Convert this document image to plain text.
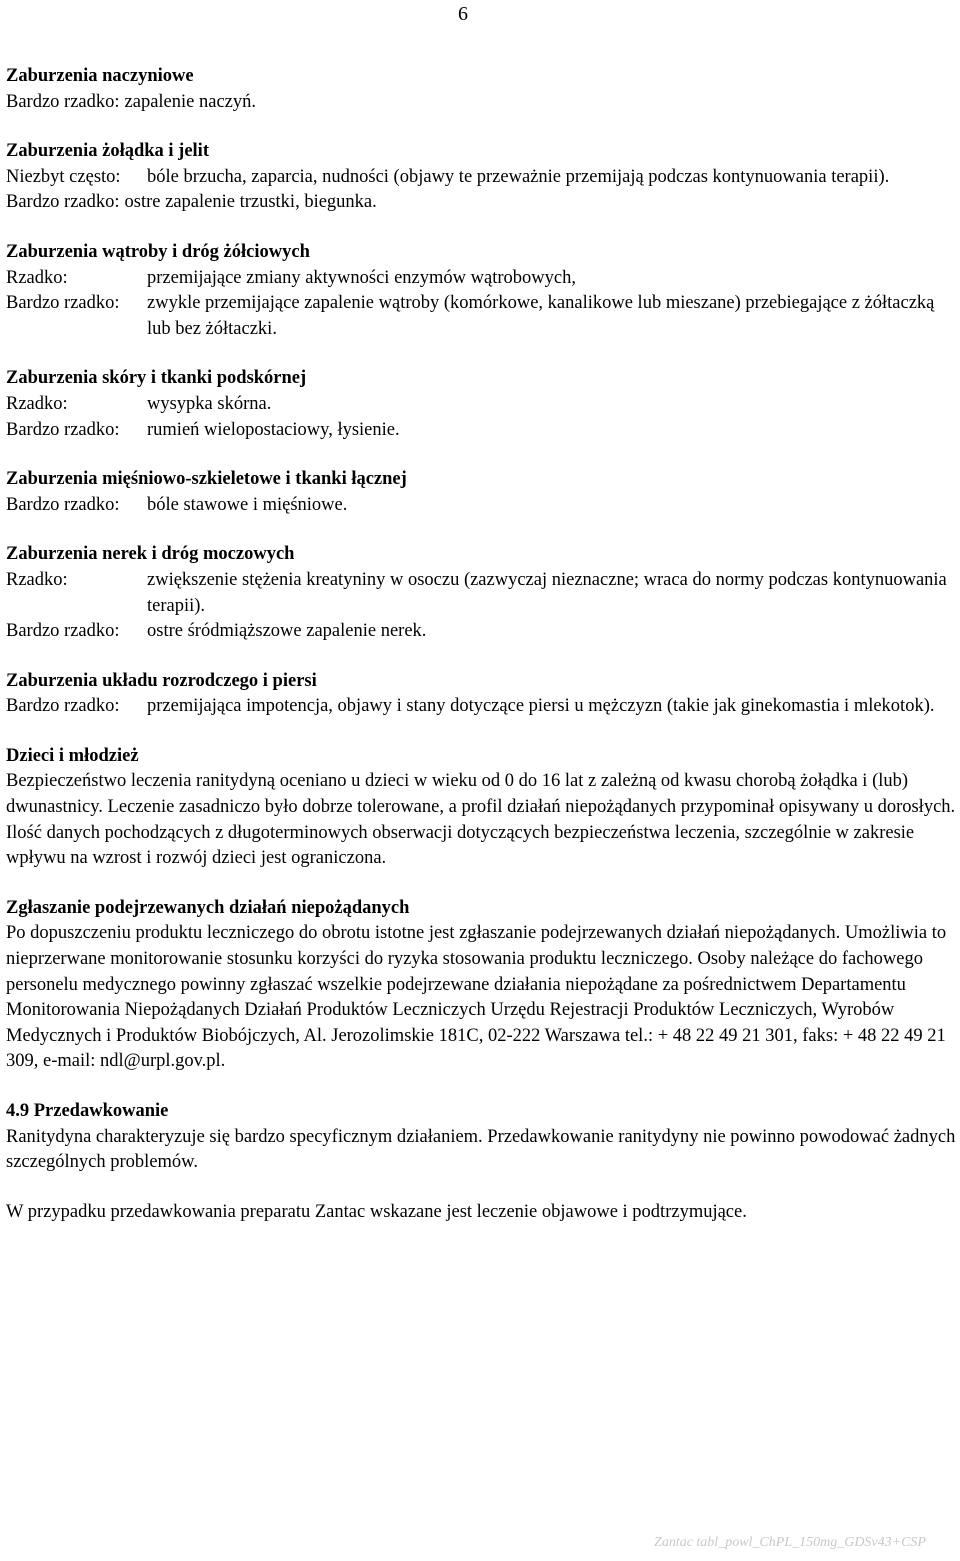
6
Zaburzenia naczyniowe
Bardzo rzadko: zapalenie naczyń.
Zaburzenia żołądka i jelit
Niezbyt często:	bóle brzucha, zaparcia, nudności (objawy te przeważnie przemijają podczas kontynuowania terapii).
Bardzo rzadko: ostre zapalenie trzustki, biegunka.
Zaburzenia wątroby i dróg żółciowych
Rzadko:	przemijające zmiany aktywności enzymów wątrobowych,
Bardzo rzadko:	zwykle przemijające zapalenie wątroby (komórkowe, kanalikowe lub mieszane) przebiegające z żółtaczką lub bez żółtaczki.
Zaburzenia skóry i tkanki podskórnej
Rzadko:	wysypka skórna.
Bardzo rzadko:	rumień wielopostaciowy, łysienie.
Zaburzenia mięśniowo-szkieletowe i tkanki łącznej
Bardzo rzadko:	bóle stawowe i mięśniowe.
Zaburzenia nerek i dróg moczowych
Rzadko:	zwiększenie stężenia kreatyniny w osoczu (zazwyczaj nieznaczne; wraca do normy podczas kontynuowania terapii).
Bardzo rzadko:	ostre śródmiąższowe zapalenie nerek.
Zaburzenia układu rozrodczego i piersi
Bardzo rzadko:	przemijająca impotencja, objawy i stany dotyczące piersi u mężczyzn (takie jak ginekomastia i mlekotok).
Dzieci i młodzież
Bezpieczeństwo leczenia ranitydyną oceniano u dzieci w wieku od 0 do 16 lat z zależną od kwasu chorobą żołądka i (lub) dwunastnicy. Leczenie zasadniczo było dobrze tolerowane, a profil działań niepożądanych przypominał opisywany u dorosłych. Ilość danych pochodzących z długoterminowych obserwacji dotyczących bezpieczeństwa leczenia, szczególnie w zakresie wpływu na wzrost i rozwój dzieci jest ograniczona.
Zgłaszanie podejrzewanych działań niepożądanych
Po dopuszczeniu produktu leczniczego do obrotu istotne jest zgłaszanie podejrzewanych działań niepożądanych. Umożliwia to nieprzerwane monitorowanie stosunku korzyści do ryzyka stosowania produktu leczniczego. Osoby należące do fachowego personelu medycznego powinny zgłaszać wszelkie podejrzewane działania niepożądane za pośrednictwem Departamentu Monitorowania Niepożądanych Działań Produktów Leczniczych Urzędu Rejestracji Produktów Leczniczych, Wyrobów Medycznych i Produktów Biobójczych, Al. Jerozolimskie 181C, 02-222 Warszawa tel.: + 48 22 49 21 301, faks: + 48 22 49 21 309, e-mail: ndl@urpl.gov.pl.
4.9 Przedawkowanie
Ranitydyna charakteryzuje się bardzo specyficznym działaniem. Przedawkowanie ranitydyny nie powinno powodować żadnych szczególnych problemów.
W przypadku przedawkowania preparatu Zantac wskazane jest leczenie objawowe i podtrzymujące.
Zantac tabl_powl_ChPL_150mg_GDSv43+CSP
